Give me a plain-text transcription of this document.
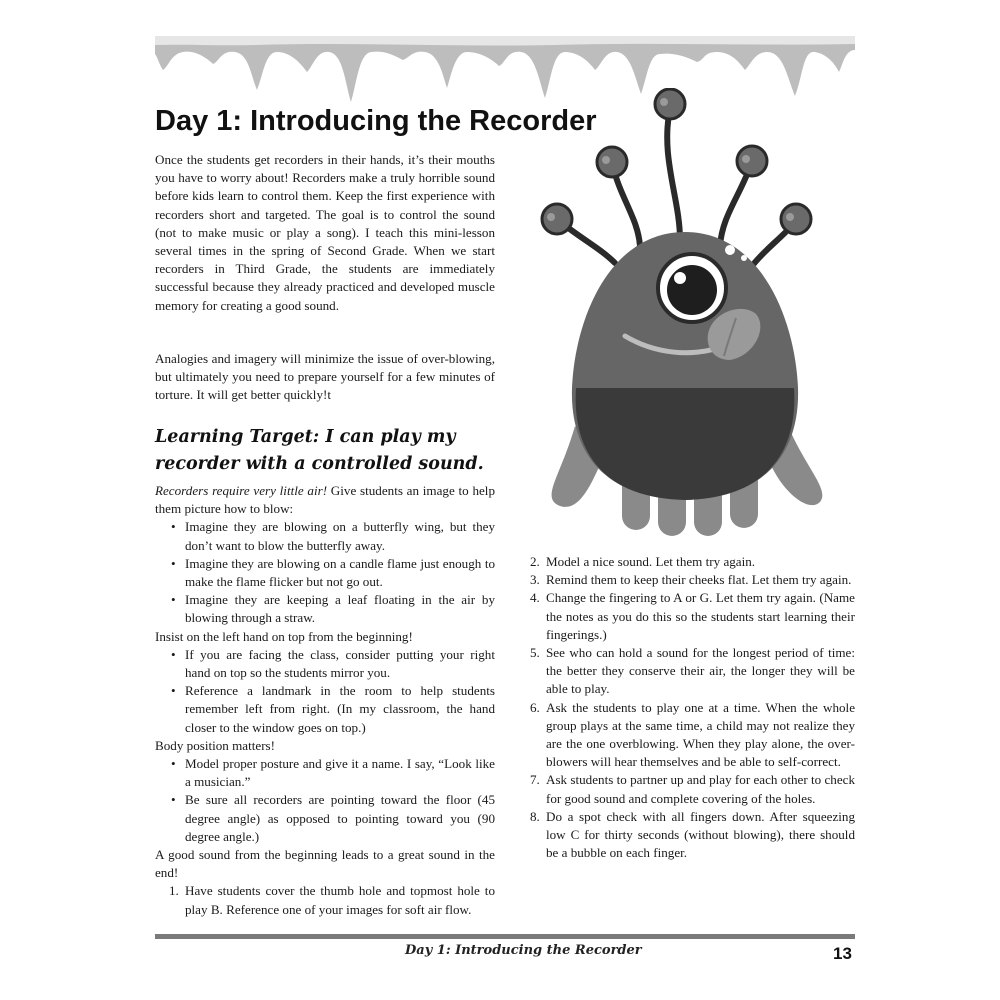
Day 1: Introducing the Recorder

Once the students get recorders in their hands, it’s their mouths you have to worry about! Recorders make a truly horrible sound before kids learn to control them. Keep the first experience with recorders short and targeted. The goal is to control the sound (not to make music or play a song). I teach this mini-lesson several times in the spring of Second Grade. When we start recorders in Third Grade, the students are immediately successful because they already practiced and developed muscle memory for creating a good sound.

Analogies and imagery will minimize the issue of over-blowing, but ultimately you need to prepare yourself for a few minutes of torture. It will get better quickly!t

Learning Target: I can play my recorder with a controlled sound.

Recorders require very little air! Give students an image to help them picture how to blow:

• Imagine they are blowing on a butterfly wing, but they don’t want to blow the butterfly away.
• Imagine they are blowing on a candle flame just enough to make the flame flicker but not go out.
• Imagine they are keeping a leaf floating in the air by blowing through a straw.

Insist on the left hand on top from the beginning!

• If you are facing the class, consider putting your right hand on top so the students mirror you.
• Reference a landmark in the room to help students remember left from right. (In my classroom, the hand closer to the window goes on top.)

Body position matters!

• Model proper posture and give it a name. I say, “Look like a musician.”
• Be sure all recorders are pointing toward the floor (45 degree angle) as opposed to pointing toward you (90 degree angle.)

A good sound from the beginning leads to a great sound in the end!

1. Have students cover the thumb hole and topmost hole to play B. Reference one of your images for soft air flow.
2. Model a nice sound. Let them try again.
3. Remind them to keep their cheeks flat. Let them try again.
4. Change the fingering to A or G. Let them try again. (Name the notes as you do this so the students start learning their fingerings.)
5. See who can hold a sound for the longest period of time: the better they conserve their air, the longer they will be able to play.
6. Ask the students to play one at a time. When the whole group plays at the same time, a child may not realize they are the one overblowing. When they play alone, the over-blowers will hear themselves and be able to self-correct.
7. Ask students to partner up and play for each other to check for good sound and complete covering of the holes.
8. Do a spot check with all fingers down. After squeezing low C for thirty seconds (without blowing), there should be a bubble on each finger.
Day 1: Introducing the Recorder	13
